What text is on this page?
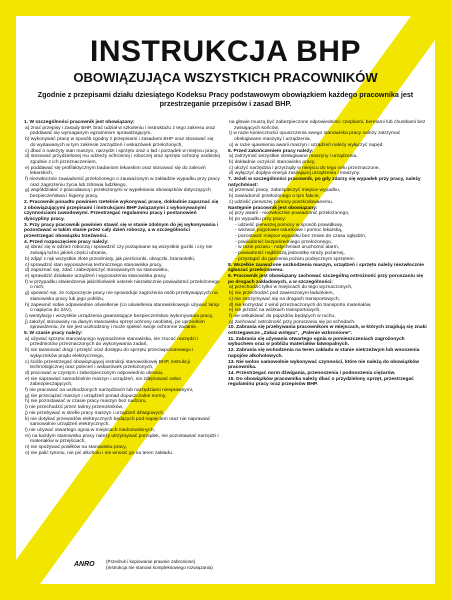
INSTRUKCJA BHP
OBOWIĄZUJĄCA WSZYSTKICH PRACOWNIKÓW
Zgodnie z przepisami działu dziesiątego Kodeksu Pracy podstawowym obowiązkiem każdego pracownika jest przestrzeganie przepisów i zasad BHP.

1. W szczególności pracownik jest obowiązany:

a) znać przepisy i zasady BHP, brać udział w szkoleniu i instruktażu z tego zakresu oraz poddawać się wymaganym egzaminom sprawdzającym,

b) wykonywać pracę w sposób zgodny z przepisami i zasadami BHP oraz stosować się do wydawanych w tym zakresie zarządzeń i wskazówek przełożonych,

c) dbać o należyty stan maszyn, narzędzi i sprzętu oraz o ład i porządek w miejscu pracy,

d) stosować przydzielonej mu odzieży ochronnej i roboczej oraz sprzętu ochrony osobistej zgodnie z ich przeznaczeniem,

e) poddawać się profilaktycznym badaniom lekarskim oraz stosować się do zaleceń lekarskich,

f) niezwłocznie zawiadomić przełożonego o zauważonym w zakładzie wypadku przy pracy oraz zagrożeniu życia lub zdrowia ludzkiego,

g) współdziałać z pracodawcą i przełożonymi w wypełnianiu obowiązków dotyczących bezpieczeństwa i higieny pracy.

2. Pracownik ponadto powinien rzetelnie wykonywać pracę, dokładnie zapoznać się z obowiązującymi przepisami i instrukcjami BHP związanymi z wykonywanymi czynnościami zawodowymi. Przestrzegać regulaminu pracy i postanowień dyscypliny pracy.

3. Przy pracy pracownik powinien stawić się w stanie zdolnym do jej wykonywania i pozostawać w takim stanie przez cały dzień roboczy, a w szczególności przestrzegać obowiązku trzeźwości.

4. Przed rozpoczęciem pracy należy:

a) ubrać się w odzież roboczą i sprawdzić czy pozapinane są wszystkie guziki i czy nie zwisają luźno jakieś części ubrania,

b) zdjąć z rąk wszystkie złote przedmioty, jak pierścionki, obrączki, bransoletki,

c) sprawdzić stan wyposażenia technicznego stanowiska pracy,

d) zapoznać się, zdać i zabezpieczyć stosowanych na stanowisku,

e) sprawdzić działanie urządzeń i wyposażenia stanowiska pracy,

f) w przypadku stwierdzenia jakichkolwiek usterek niezwłocznie powiadomić przełożonego o nich,

g) upewnić się, że rozpoczęcie pracy nie spowoduje zagrożenia osób przebywających na stanowisku pracy lub jego pobliżu,

h) zapewnić sobie odpowiednie oświetlenie (co oświetlenia stanowiskowego używać lamp o napięciu do 24V),

i) wentylację i wszystkie urządzenia gwarantujące bezpieczeństwo wykonywania pracy,

j) założyć stosowany na danym stanowisku sprzęt ochrony osobistej, po uprzednim sprawdzeniu, że nie jest uszkodzony i może spełnić swoje ochronne zadanie.

5. W czasie pracy należy:

a) używać sprzętu stanowiącego wyposażenie stanowiska, nie rzucać narzędzi i przedmiotów przeznaczonych do wykonywania zadań,

b) nie tarasować drogi i przejść oraz dostępu do sprzętu przeciwpożarowego i wyłączników prądu elektrycznego,

c) ściśle przestrzegać obowiązującej instrukcji stanowiskowej BHP, instrukcji technologicznej oraz poleceń i wskazówek przełożonych,

d) pracować w czystym i zabezpieczonym odpowiednio ubraniu,

e) nie naprawiać samodzielnie maszyn i urządzeń, nie zdejmować osłon zabezpieczających,

f) nie pracować na uszkodzonych narzędziach lub narzędziami niesprawnymi,

g) nie przeciążać maszyn i urządzeń ponad dopuszczalne normy,

h) nie pozostawiać w czasie pracy maszyn bez nadzoru,

i) nie przechodzić przez taśmy przenośników,

j) nie przebywać w strefie pracy maszyn i urządzeń dźwigowych,

k) nie dotykać przewodów elektrycznych będących pod napięciem oraz nie naprawiać samowolnie urządzeń elektrycznych,

l) nie używać otwartego ognia w miejscach niedozwolonych,

m) na każdym stanowisku pracy należy utrzymywać porządek, nie pozostawiać narzędzi i materiałów w przejściach,

n) nie spożywać posiłków na stanowisku pracy,

o) nie palić tytoniu, nie pić alkoholu i nie wnosić go na teren zakładu.

na głowie muszą być zabezpieczone odpowiednimi: czepkami, beretami lub chustkami bez zwisających końców,

t) w razie konieczności opuszczenia swego stanowiska pracy należy zatrzymać obsługiwane maszyny i urządzenia,

u) w razie ujawnienia awarii maszyn i urządzeń należy wyłączyć napęd.

6. Przed zakończeniem pracy należy:

a) zatrzymać wszystkie obsługiwane maszyny i urządzenia,

b) dokładnie oczyścić stanowisko pracy,

c) ułożyć narzędzia i przyrządy w miejscu do tego celu przeznaczone,

d) wyłączyć dopływ energii zasilającej urządzenia i maszyny.

7. Jeżeli w szczególności pracownik, po gdy zdarzy się wypadek przy pracy, należy natychmiast:

a) przerwać pracę, zabezpieczyć miejsce wypadku,

b) zawiadomić przełożonego o tym fakcie,

c) udzielić pierwszej pomocy poszkodowanemu.

Następnie pracownik jest obowiązany:

a) przy awarii - niezwłocznie powiadomić przełożonego,

b) po wypadku przy pracy:

- udzielić pierwszej pomocy w sposób prawidłowy,

- wezwać pogotowie ratunkowe i pomoc lekarską,

- pozostawić miejsce wypadku bez zmian do czasu oględzin,

- powiadomić bezpośredniego przełożonego,

- w razie pożaru - natychmiast uruchomić alarm,

- powiadomić najbliższą jednostkę straży pożarnej,

- przystąpić do gaszenia pożaru podręcznym sprzętem.

8. Wszelkie zauważone uszkodzenia maszyn, urządzeń i sprzętu należy niezwłocznie zgłaszać przełożonemu.

9. Pracownik jest obowiązany zachować szczególną ostrożność przy poruszaniu się po drogach zakładowych, a w szczególności:

a) przechodzić tylko w miejscach do tego wyznaczonych,

b) nie przechodzić pod zawieszonym ładunkiem,

c) nie zatrzymywać się na drogach transportowych,

d) nie korzystać z wind przeznaczonych do transportu materiałów,

e) nie jeździć na wózkach transportowych,

f) nie wskakiwać do pojazdów będących w ruchu,

g) zachować ostrożność przy poruszaniu się po schodach.

10. Zabrania się przebywania pracownikom w miejscach, w których znajdują się znaki ostrzegawcze „Zakaz wstępu", „Palenie wzbronione".

11. Zabrania się używania otwartego ognia w pomieszczeniach zagrożonych wybuchem oraz w pobliżu materiałów łatwopalnych.

12. Zabrania się wchodzenia na teren zakładu w stanie nietrzeźwym lub wnoszenia napojów alkoholowych.

13. Nie wolno samowolnie wykonywać czynności, które nie należą do obowiązków pracownika.

14. Przestrzegać norm dźwigania, przenoszenia i podnoszenia ciężarów.

15. Do obowiązków pracownika należy dbać o przydzielony sprzęt, przestrzegać regulaminu pracy oraz przepisów BHP.

ANRO (Przedruk i kopiowanie prawnie zabronione)
(Instrukcja nie stanowi kompleksowego rozwiązania)
